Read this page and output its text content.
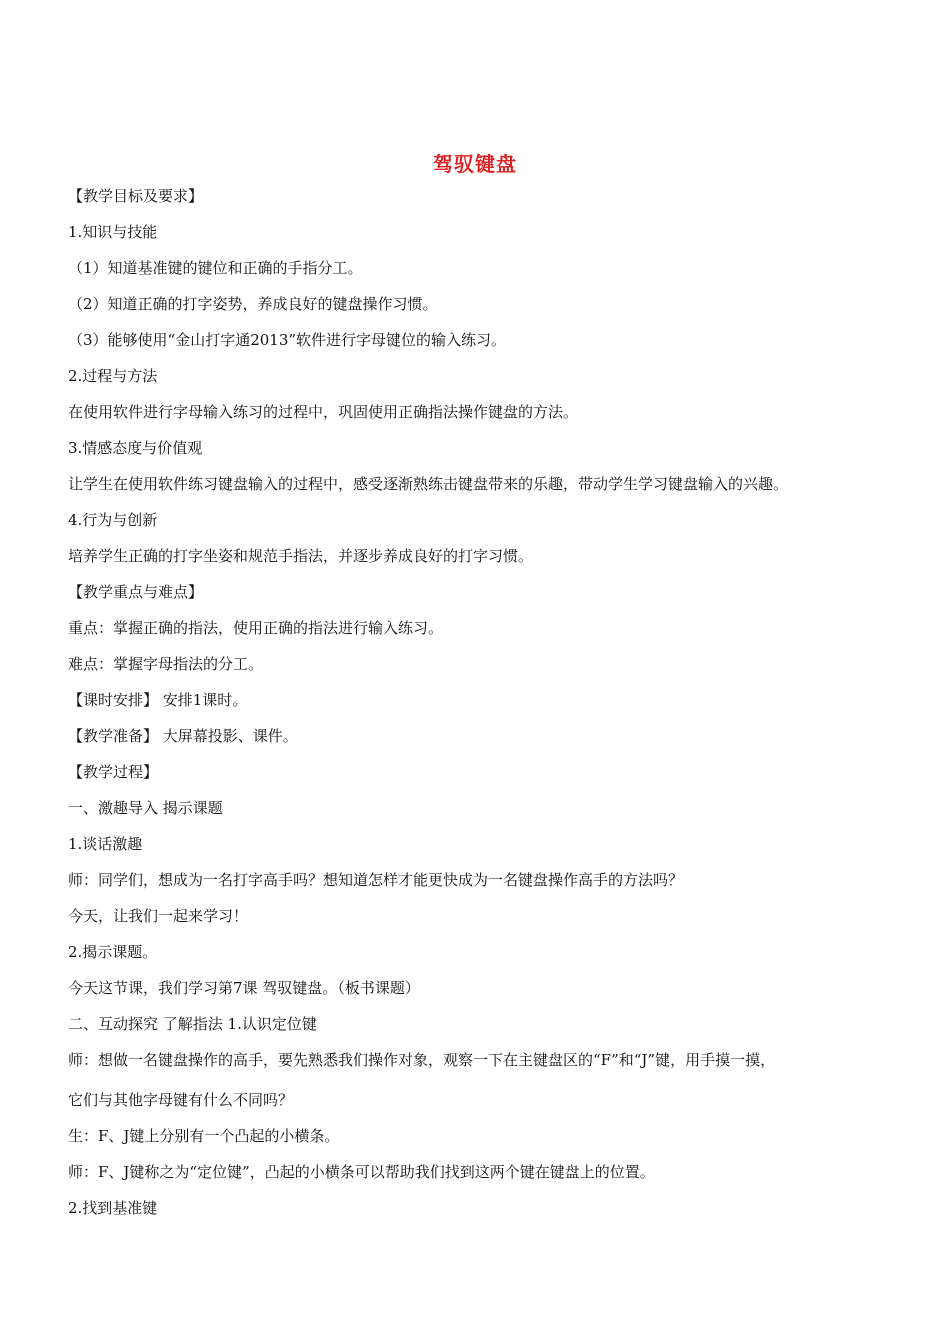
驾驭键盘
【教学目标及要求】
1.知识与技能
（1）知道基准键的键位和正确的手指分工。
（2）知道正确的打字姿势，养成良好的键盘操作习惯。
（3）能够使用“金山打字通2013”软件进行字母键位的输入练习。
2.过程与方法
在使用软件进行字母输入练习的过程中，巩固使用正确指法操作键盘的方法。
3.情感态度与价值观
让学生在使用软件练习键盘输入的过程中，感受逐渐熟练击键盘带来的乐趣，带动学生学习键盘输入的兴趣。
4.行为与创新
培养学生正确的打字坐姿和规范手指法，并逐步养成良好的打字习惯。
【教学重点与难点】
重点：掌握正确的指法，使用正确的指法进行输入练习。
难点：掌握字母指法的分工。
【课时安排】 安排1课时。
【教学准备】 大屏幕投影、课件。
【教学过程】
一、激趣导入 揭示课题
1.谈话激趣
师：同学们，想成为一名打字高手吗？想知道怎样才能更快成为一名键盘操作高手的方法吗？
今天，让我们一起来学习！
2.揭示课题。
今天这节课，我们学习第7课 驾驭键盘。（板书课题）
二、互动探究 了解指法 1.认识定位键
师：想做一名键盘操作的高手，要先熟悉我们操作对象，观察一下在主键盘区的“F”和“J”键，用手摸一摸，
它们与其他字母键有什么不同吗？
生：F、J键上分别有一个凸起的小横条。
师：F、J键称之为“定位键”，凸起的小横条可以帮助我们找到这两个键在键盘上的位置。
2.找到基准键
